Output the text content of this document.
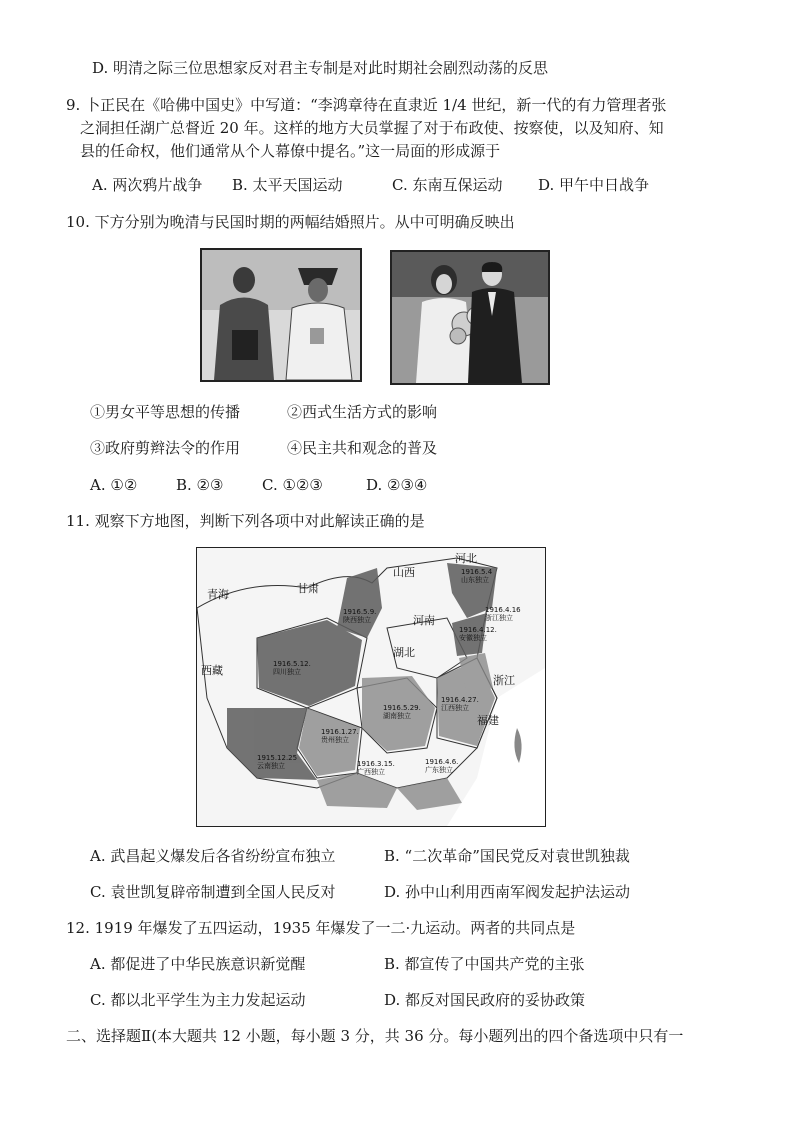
D. 明清之际三位思想家反对君主专制是对此时期社会剧烈动荡的反思
9. 卜正民在《哈佛中国史》中写道：“李鸿章待在直隶近 1/4 世纪，新一代的有力管理者张
之洞担任湖广总督近 20 年。这样的地方大员掌握了对于布政使、按察使，以及知府、知
县的任命权，他们通常从个人幕僚中提名。”这一局面的形成源于
A. 两次鸦片战争 B. 太平天国运动	C. 东南互保运动 D. 甲午中日战争
10. 下方分别为晚清与民国时期的两幅结婚照片。从中可明确反映出
①男女平等思想的传播	②西式生活方式的影响
③政府剪辫法令的作用	④民主共和观念的普及
A. ①②	B. ②③	C. ①②③	D. ②③④
11. 观察下方地图，判断下列各项中对此解读正确的是
河北
山西
甘肃
青海
河南
湖北
浙江
福建
西藏
1916.5.9.
陕西独立
1916.5.12.
四川独立
1916.1.27.
贵州独立
1915.12.25
云南独立	1916.3.15.
广西独立
1916.5.29.
湖南独立
1916.4.27.
江西独立
1916.4.6.
广东独立
1916.4.16
浙江独立
1916.4.12.
安徽独立
1916.5.4
山东独立
A. 武昌起义爆发后各省纷纷宣布独立	B. “二次革命”国民党反对袁世凯独裁
C. 袁世凯复辟帝制遭到全国人民反对	D. 孙中山利用西南军阀发起护法运动
12. 1919 年爆发了五四运动，1935 年爆发了一二·九运动。两者的共同点是
A. 都促进了中华民族意识新觉醒	B. 都宣传了中国共产党的主张
C. 都以北平学生为主力发起运动	D. 都反对国民政府的妥协政策
二、选择题Ⅱ(本大题共 12 小题，每小题 3 分，共 36 分。每小题列出的四个备选项中只有一
